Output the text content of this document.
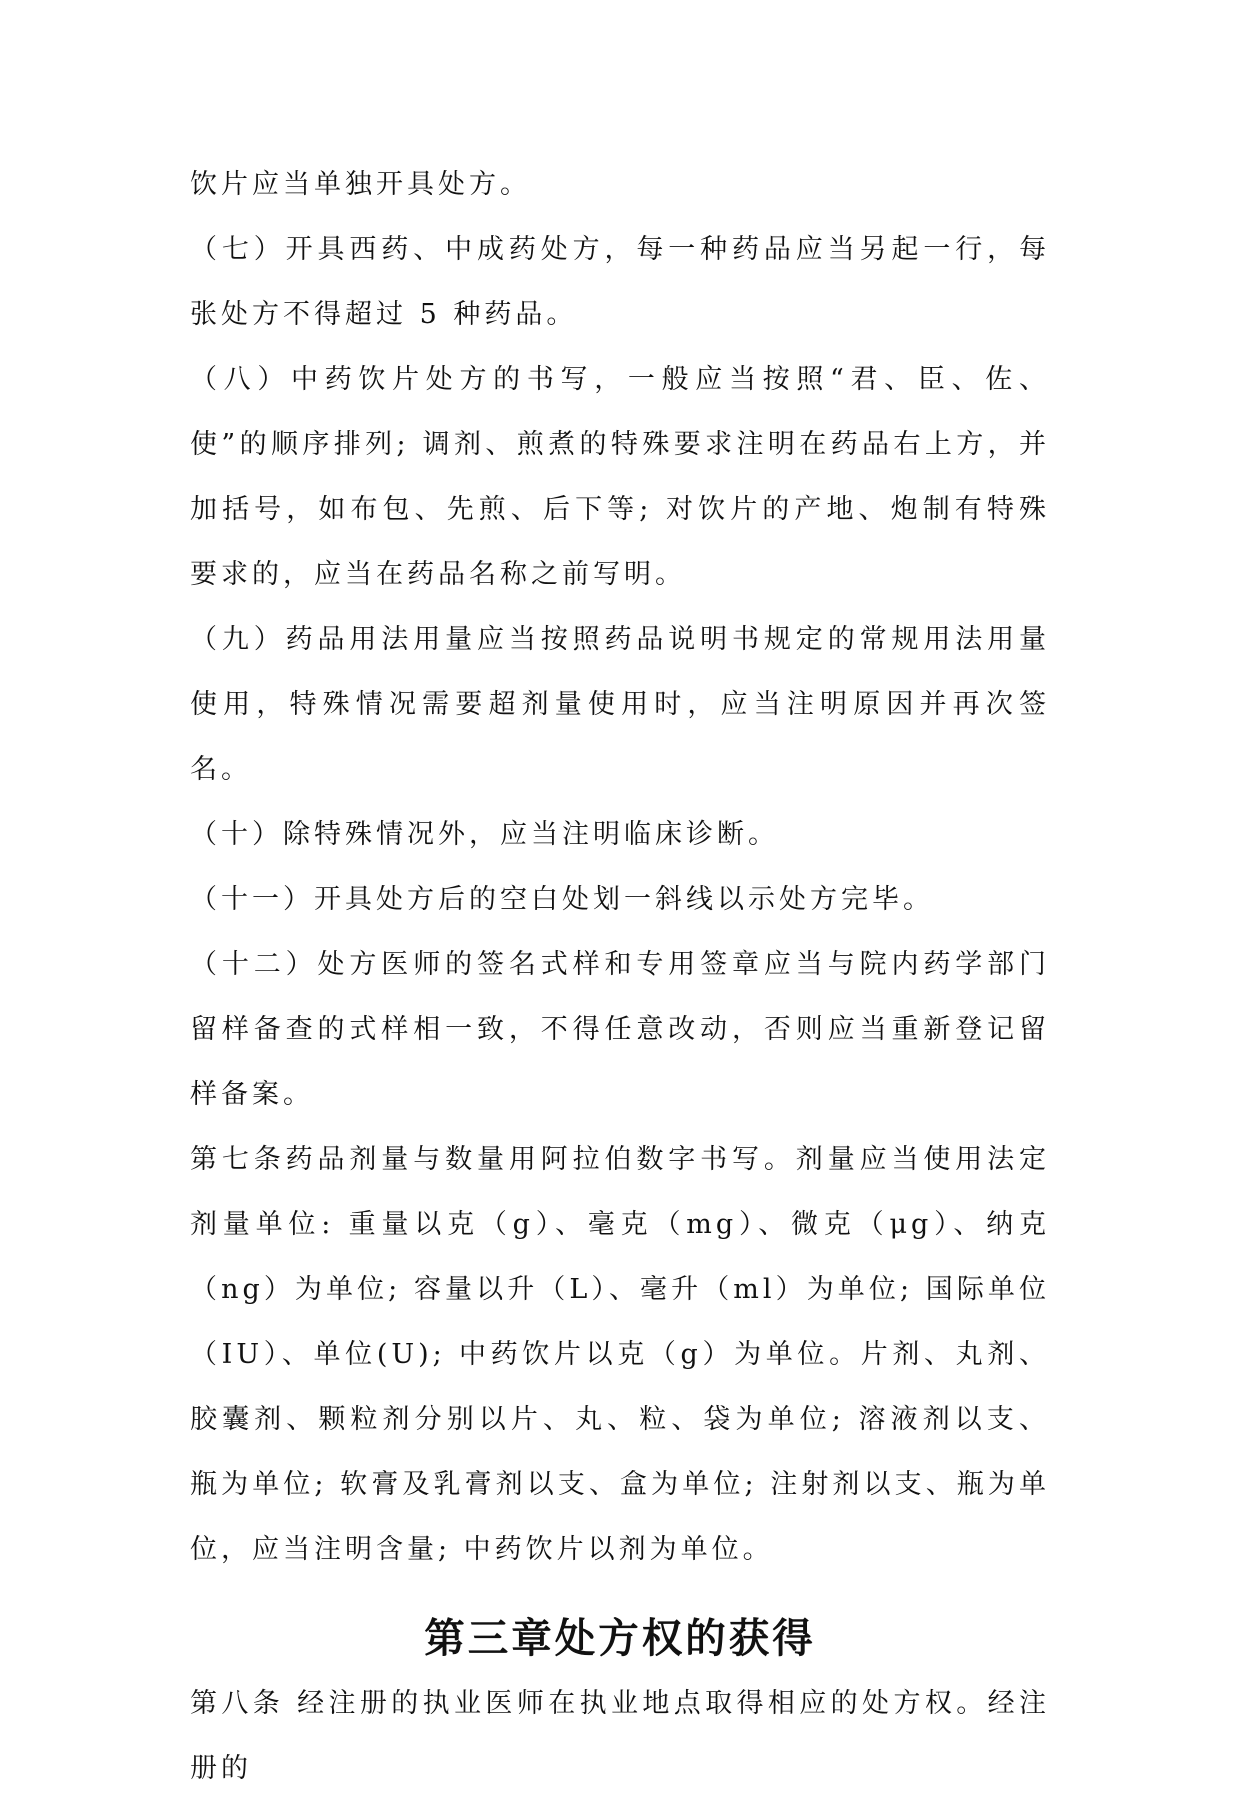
饮片应当单独开具处方。

（七）开具西药、中成药处方，每一种药品应当另起一行，每张处方不得超过 5 种药品。

（八）中药饮片处方的书写，一般应当按照“君、臣、佐、使”的顺序排列; 调剂、煎煮的特殊要求注明在药品右上方，并加括号，如布包、先煎、后下等; 对饮片的产地、炮制有特殊要求的，应当在药品名称之前写明。

（九）药品用法用量应当按照药品说明书规定的常规用法用量使用，特殊情况需要超剂量使用时，应当注明原因并再次签名。

（十）除特殊情况外，应当注明临床诊断。

（十一）开具处方后的空白处划一斜线以示处方完毕。

（十二）处方医师的签名式样和专用签章应当与院内药学部门留样备查的式样相一致，不得任意改动，否则应当重新登记留样备案。

第七条药品剂量与数量用阿拉伯数字书写。剂量应当使用法定剂量单位: 重量以克（g）、毫克（mg）、微克（μg）、纳克（ng）为单位; 容量以升（L）、毫升（ml）为单位; 国际单位（IU）、单位(U); 中药饮片以克（g）为单位。片剂、丸剂、胶囊剂、颗粒剂分别以片、丸、粒、袋为单位; 溶液剂以支、瓶为单位; 软膏及乳膏剂以支、盒为单位; 注射剂以支、瓶为单位，应当注明含量; 中药饮片以剂为单位。

第三章处方权的获得

第八条 经注册的执业医师在执业地点取得相应的处方权。经注册的
